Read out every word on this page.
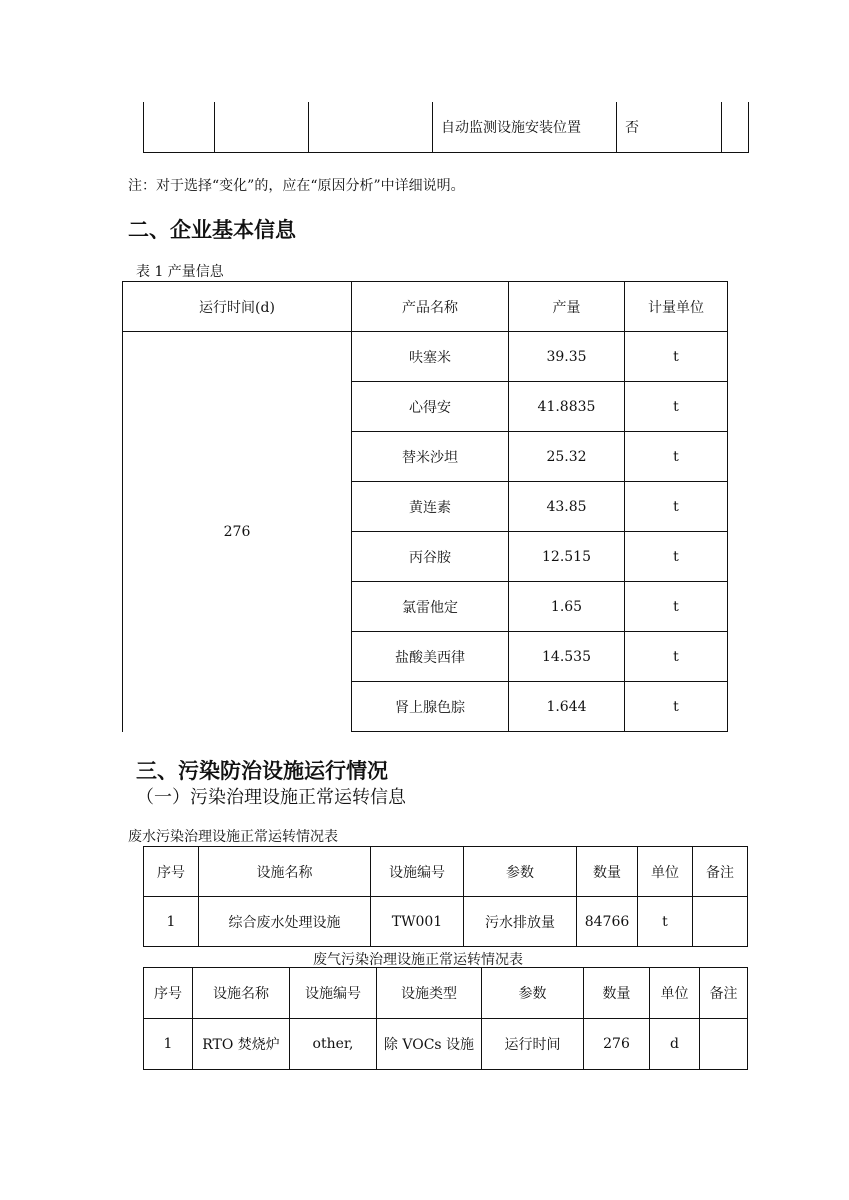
			自动监测设施安装位置	否	
注：对于选择“变化”的，应在“原因分析”中详细说明。
二、企业基本信息
表 1 产量信息
运行时间(d)	产品名称	产量	计量单位
276	呋塞米	39.35	t
	心得安	41.8835	t
	替米沙坦	25.32	t
	黄连素	43.85	t
	丙谷胺	12.515	t
	氯雷他定	1.65	t
	盐酸美西律	14.535	t
	肾上腺色腙	1.644	t
三、污染防治设施运行情况
（一）污染治理设施正常运转信息
废水污染治理设施正常运转情况表
序号	设施名称	设施编号	参数	数量	单位	备注
1	综合废水处理设施	TW001	污水排放量	84766	t	
废气污染治理设施正常运转情况表
序号	设施名称	设施编号	设施类型	参数	数量	单位	备注
1	RTO 焚烧炉	other,	除 VOCs 设施	运行时间	276	d	
